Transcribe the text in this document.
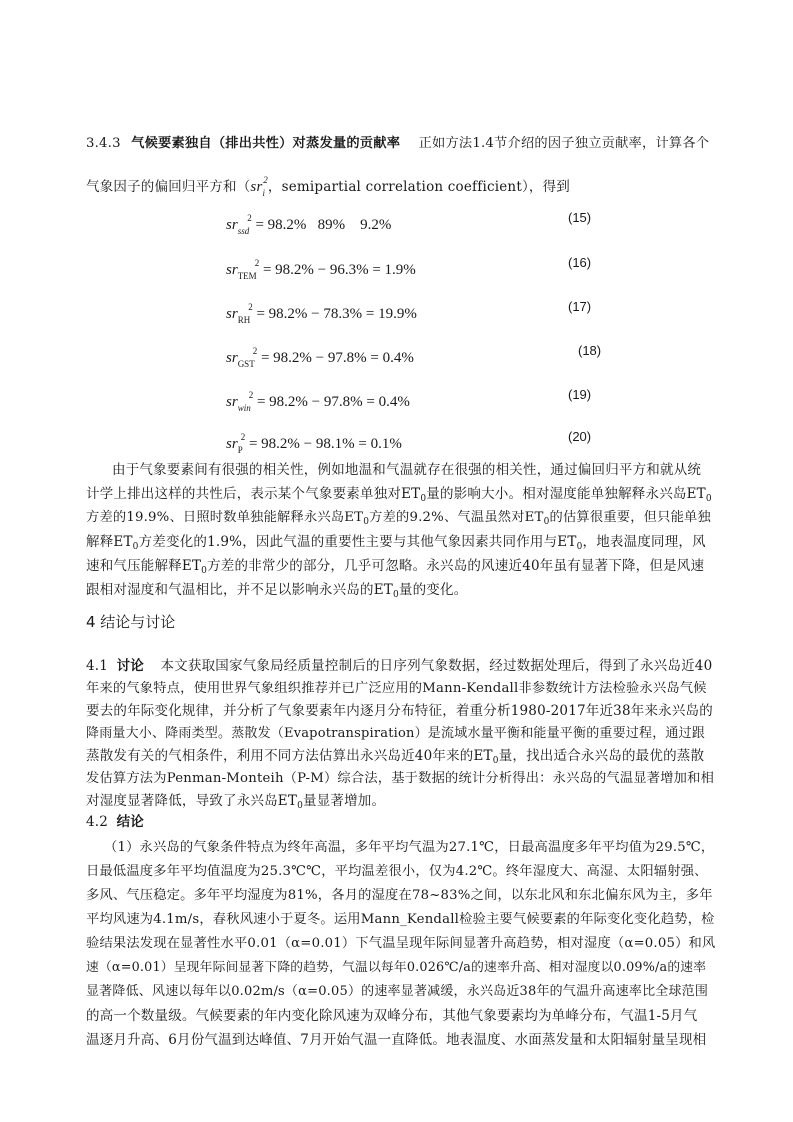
3.4.3 气候要素独自（排出共性）对蒸发量的贡献率 正如方法1.4节介绍的因子独立贡献率，计算各个
气象因子的偏回归平方和（$sr_i^2$，semipartial correlation coefficient），得到
$sr_{ssd}^2 = 98.2\%$   89%    9.2%	(15)
$sr_{TEM}^2 = 98.2\% - 96.3\% = 1.9\%$	(16)
$sr_{RH}^2 = 98.2\% - 78.3\% = 19.9\%$	(17)
$sr_{GST}^2 = 98.2\% - 97.8\% = 0.4\%$	(18)
$sr_{win}^2 = 98.2\% - 97.8\% = 0.4\%$	(19)
$sr_P^2 = 98.2\% - 98.1\% = 0.1\%$	(20)
由于气象要素间有很强的相关性，例如地温和气温就存在很强的相关性，通过偏回归平方和就从统
计学上排出这样的共性后，表示某个气象要素单独对$ET_0$量的影响大小。相对湿度能单独解释永兴岛$ET_0$
方差的19.9%、日照时数单独能解释永兴岛$ET_0$方差的9.2%、气温虽然对$ET_0$的估算很重要，但只能单独
解释$ET_0$方差变化的1.9%，因此气温的重要性主要与其他气象因素共同作用与$ET_0$，地表温度同理，风
速和气压能解释$ET_0$方差的非常少的部分，几乎可忽略。永兴岛的风速近40年虽有显著下降，但是风速
跟相对湿度和气温相比，并不足以影响永兴岛的$ET_0$量的变化。
4 结论与讨论
4.1 讨论 本文获取国家气象局经质量控制后的日序列气象数据，经过数据处理后，得到了永兴岛近40
年来的气象特点，使用世界气象组织推荐并已广泛应用的Mann-Kendall非参数统计方法检验永兴岛气候
要去的年际变化规律，并分析了气象要素年内逐月分布特征，着重分析1980-2017年近38年来永兴岛的
降雨量大小、降雨类型。蒸散发（Evapotranspiration）是流域水量平衡和能量平衡的重要过程，通过跟
蒸散发有关的气相条件，利用不同方法估算出永兴岛近40年来的$ET_0$量，找出适合永兴岛的最优的蒸散
发估算方法为Penman-Monteih（P-M）综合法，基于数据的统计分析得出：永兴岛的气温显著增加和相
对湿度显著降低，导致了永兴岛$ET_0$量显著增加。
4.2 结论
（1）永兴岛的气象条件特点为终年高温，多年平均气温为27.1℃，日最高温度多年平均值为29.5℃，
日最低温度多年平均值温度为25.3℃℃，平均温差很小，仅为4.2℃。终年湿度大、高湿、太阳辐射强、
多风、气压稳定。多年平均湿度为81%，各月的湿度在78~83%之间，以东北风和东北偏东风为主，多年
平均风速为4.1m/s，春秋风速小于夏冬。运用Mann_Kendall检验主要气候要素的年际变化变化趋势，检
验结果法发现在显著性水平0.01（α=0.01）下气温呈现年际间显著升高趋势，相对湿度（α=0.05）和风
速（α=0.01）呈现年际间显著下降的趋势，气温以每年0.026℃/a的速率升高、相对湿度以0.09%/a的速率
显著降低、风速以每年以0.02m/s（α=0.05）的速率显著减缓，永兴岛近38年的气温升高速率比全球范围
的高一个数量级。气候要素的年内变化除风速为双峰分布，其他气象要素均为单峰分布，气温1-5月气
温逐月升高、6月份气温到达峰值、7月开始气温一直降低。地表温度、水面蒸发量和太阳辐射量呈现相
